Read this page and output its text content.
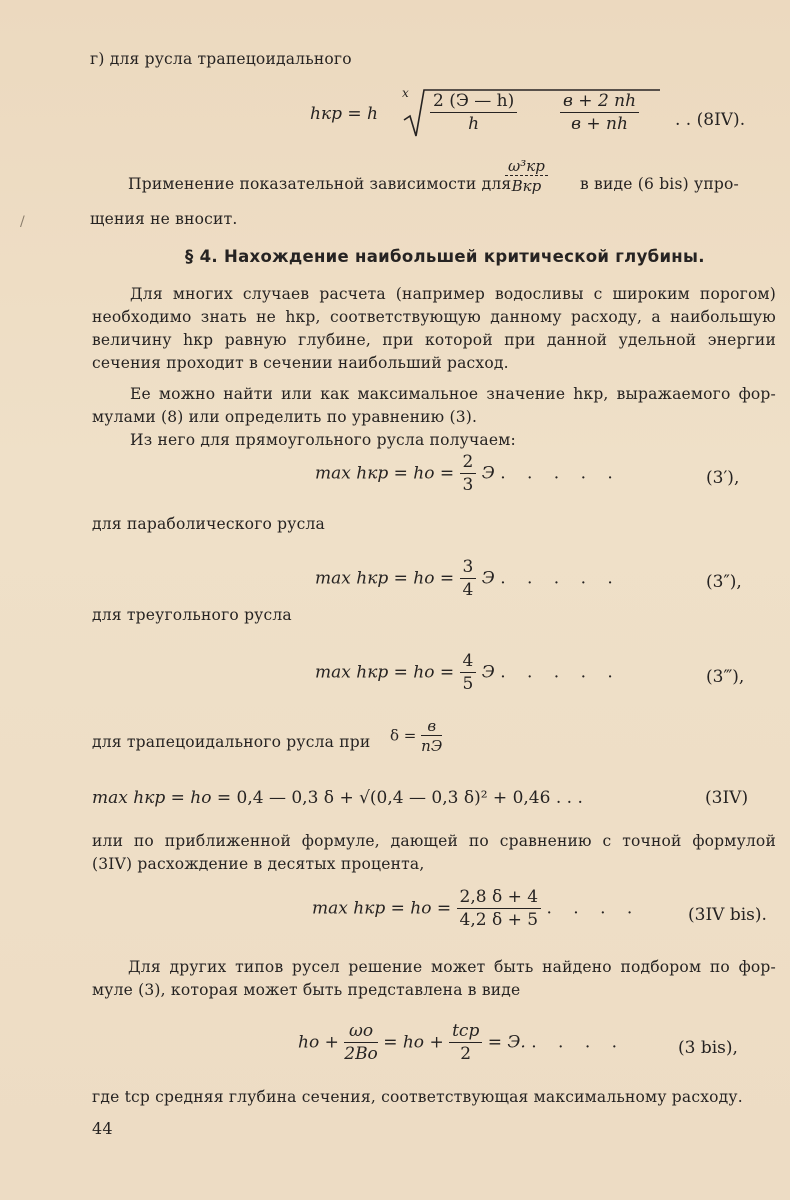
г) для русла трапецоидального
hкр = h
x 2 (Э — h)
h
в + 2 nh
в + nh	. . (8IV).
Применение показательной зависимости для
$\frac{\text{ω³кр}}{\text{Bкр}}$ в виде (6 bis) упро-
щения не вносит.
§ 4. Нахождение наибольшей критической глубины.
Для многих случаев расчета (например водосливы с широким порогом)
необходимо знать не hкр, соответствующую данному расходу, а наибольшую
величину hкр равную глубине, при которой при данной удельной энергии
сечения проходит в сечении наибольший расход.
Ее можно найти или как максимальное значение hкр, выражаемого фор-
мулами (8) или определить по уравнению (3).
Из него для прямоугольного русла получаем:
max hкр = ho = $\frac{2}{3}$ Э . . . . .	(3′),
для параболического русла
max hкр = ho = $\frac{3}{4}$ Э . . . . .	(3″),
для треугольного русла
max hкр = ho = $\frac{4}{5}$ Э . . . . .	(3‴),
для трапецоидального русла при $\delta = \frac{в}{nЭ}$
max hкр = ho = 0,4 — 0,3 δ + √(0,4 — 0,3 δ)² + 0,46 . . .	(3IV)
или по приближенной формуле, дающей по сравнению с точной формулой
(3IV) расхождение в десятых процента,
max hкр = ho = $\frac{2,8 \delta + 4}{4,2 \delta + 5}$ . . . .	(3IV bis).
Для других типов русел решение может быть найдено подбором по фор-
муле (3), которая может быть представлена в виде
ho + $\frac{\omega o}{2Bo}$ = ho + $\frac{\text{tср}}{2} = Э$. . . . .	(3 bis),
где tср средняя глубина сечения, соответствующая максимальному расходу.
44
/
